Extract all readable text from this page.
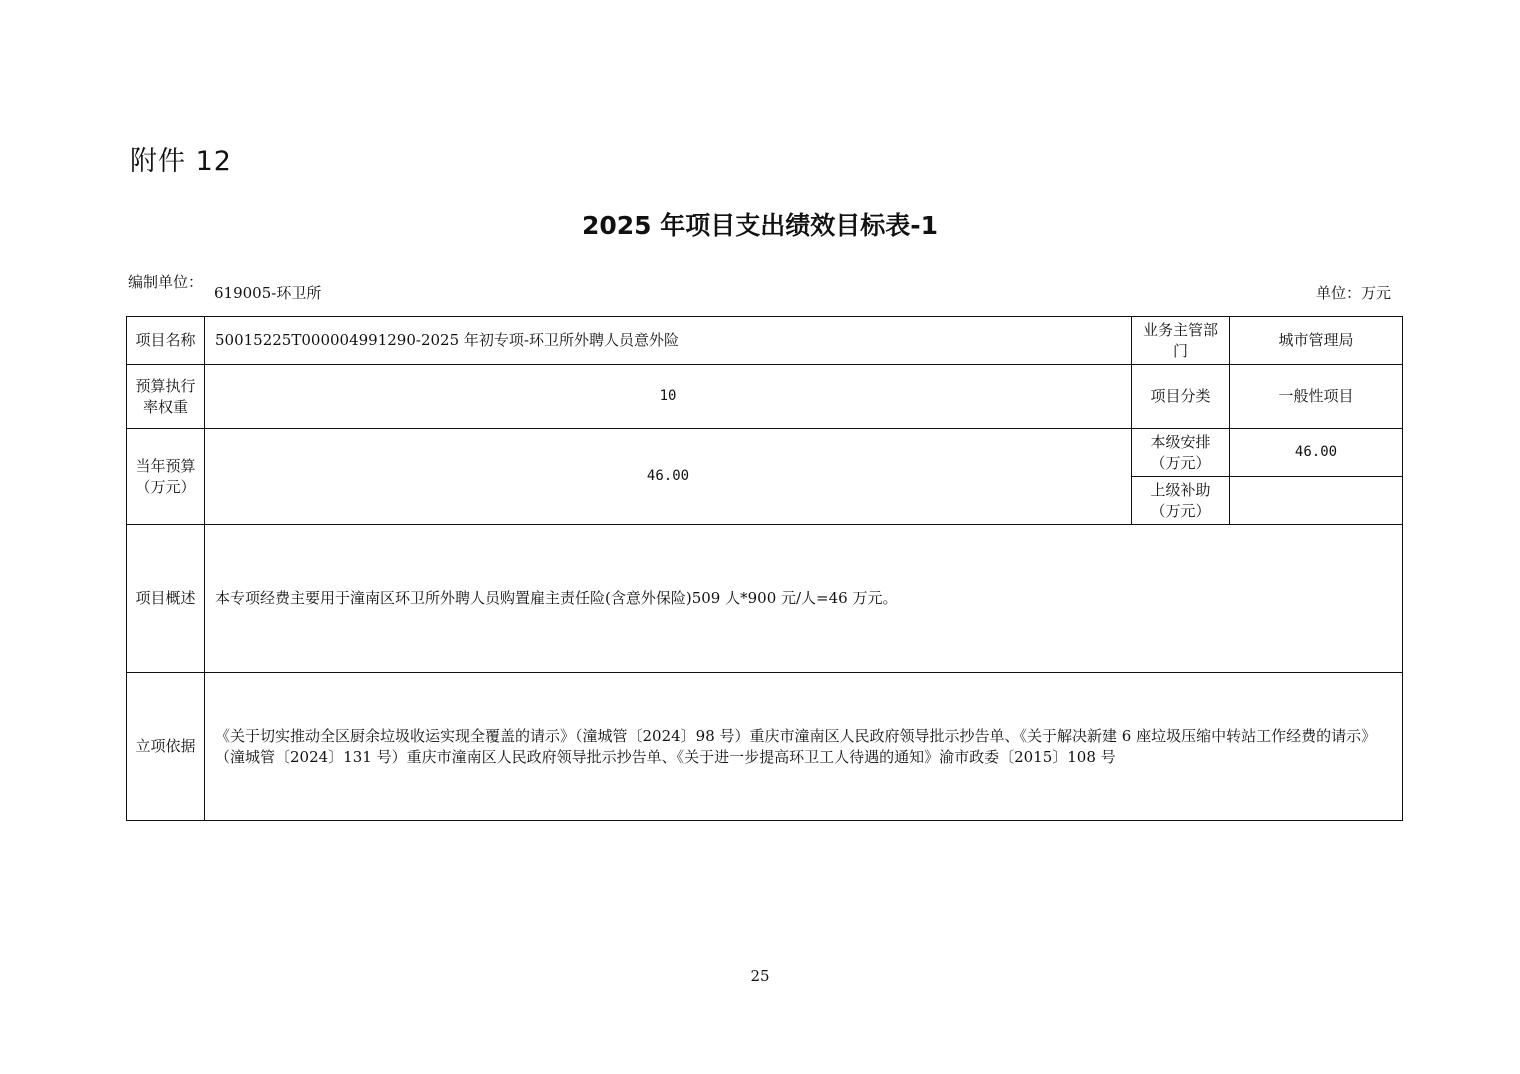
附件 12
2025 年项目支出绩效目标表-1
编制单位：
619005-环卫所	单位：万元
项目名称	50015225T000004991290-2025 年初专项-环卫所外聘人员意外险	业务主管部门	城市管理局
预算执行率权重	10	项目分类	一般性项目
当年预算（万元）	46.00	本级安排（万元）	46.00
		上级补助（万元）	
项目概述	本专项经费主要用于潼南区环卫所外聘人员购置雇主责任险(含意外保险)509 人*900 元/人=46 万元。		
立项依据	《关于切实推动全区厨余垃圾收运实现全覆盖的请示》（潼城管〔2024〕98 号）重庆市潼南区人民政府领导批示抄告单、《关于解决新建 6 座垃圾压缩中转站工作经费的请示》（潼城管〔2024〕131 号）重庆市潼南区人民政府领导批示抄告单、《关于进一步提高环卫工人待遇的通知》渝市政委〔2015〕108 号		
25
